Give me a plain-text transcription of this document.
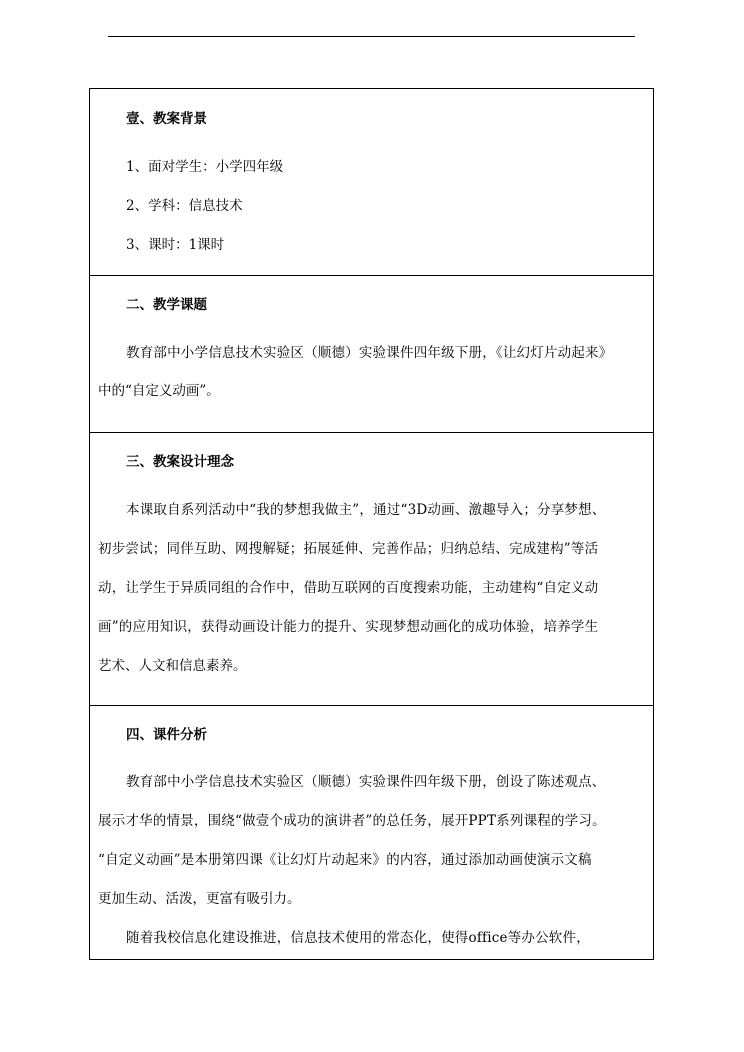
壹、教案背景
1、面对学生：小学四年级
2、学科：信息技术
3、课时：1课时
二、教学课题
教育部中小学信息技术实验区（顺德）实验课件四年级下册，《让幻灯片动起来》
中的“自定义动画”。
三、教案设计理念
本课取自系列活动中“我的梦想我做主”，通过“3D动画、激趣导入；分享梦想、
初步尝试；同伴互助、网搜解疑；拓展延伸、完善作品；归纳总结、完成建构”等活
动，让学生于异质同组的合作中，借助互联网的百度搜索功能，主动建构“自定义动
画”的应用知识，获得动画设计能力的提升、实现梦想动画化的成功体验，培养学生
艺术、人文和信息素养。
四、课件分析
教育部中小学信息技术实验区（顺德）实验课件四年级下册，创设了陈述观点、
展示才华的情景，围绕“做壹个成功的演讲者”的总任务，展开PPT系列课程的学习。
“自定义动画”是本册第四课《让幻灯片动起来》的内容，通过添加动画使演示文稿
更加生动、活泼，更富有吸引力。
随着我校信息化建设推进，信息技术使用的常态化，使得office等办公软件，
